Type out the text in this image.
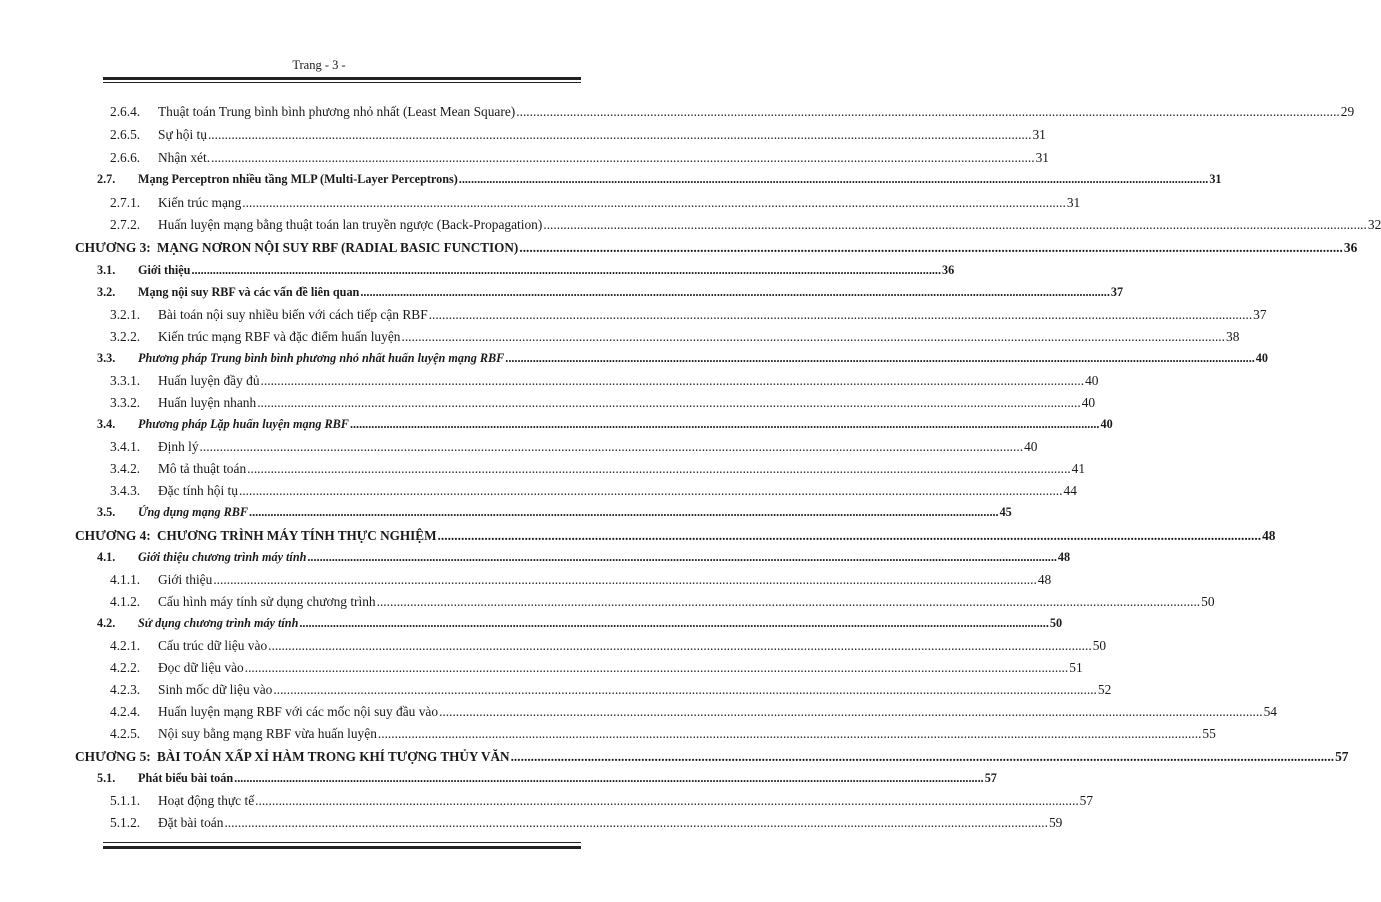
Trang - 3 -
2.6.4.	Thuật toán Trung bình bình phương nhỏ nhất (Least Mean Square) ...................................................................................................................................................................................................................................................... 29
2.6.5.	Sự hội tụ ...................................................................................................................................................................................................................................................... 31
2.6.6.	Nhận xét. ...................................................................................................................................................................................................................................................... 31
2.7.	Mạng Perceptron nhiều tầng MLP (Multi-Layer Perceptrons) ...................................................................................................................................................................................................................................................... 31
2.7.1.	Kiến trúc mạng ...................................................................................................................................................................................................................................................... 31
2.7.2.	Huấn luyện mạng bằng thuật toán lan truyền ngược (Back-Propagation) ...................................................................................................................................................................................................................................................... 32
CHƯƠNG 3: MẠNG NƠRON NỘI SUY RBF (RADIAL BASIC FUNCTION) ...................................................................................................................................................................................................................................................... 36
3.1.	Giới thiệu ...................................................................................................................................................................................................................................................... 36
3.2.	Mạng nội suy RBF và các vấn đề liên quan ...................................................................................................................................................................................................................................................... 37
3.2.1.	Bài toán nội suy nhiều biến với cách tiếp cận RBF ...................................................................................................................................................................................................................................................... 37
3.2.2.	Kiến trúc mạng RBF và đặc điểm huấn luyện ...................................................................................................................................................................................................................................................... 38
3.3.	Phương pháp Trung bình bình phương nhỏ nhất huấn luyện mạng RBF ...................................................................................................................................................................................................................................................... 40
3.3.1.	Huấn luyện đầy đủ ...................................................................................................................................................................................................................................................... 40
3.3.2.	Huấn luyện nhanh ...................................................................................................................................................................................................................................................... 40
3.4.	Phương pháp Lặp huấn luyện mạng RBF ...................................................................................................................................................................................................................................................... 40
3.4.1.	Định lý ...................................................................................................................................................................................................................................................... 40
3.4.2.	Mô tả thuật toán ...................................................................................................................................................................................................................................................... 41
3.4.3.	Đặc tính hội tụ ...................................................................................................................................................................................................................................................... 44
3.5.	Ứng dụng mạng RBF ...................................................................................................................................................................................................................................................... 45
CHƯƠNG 4: CHƯƠNG TRÌNH MÁY TÍNH THỰC NGHIỆM ...................................................................................................................................................................................................................................................... 48
4.1.	Giới thiệu chương trình máy tính ...................................................................................................................................................................................................................................................... 48
4.1.1.	Giới thiệu ...................................................................................................................................................................................................................................................... 48
4.1.2.	Cấu hình máy tính sử dụng chương trình ...................................................................................................................................................................................................................................................... 50
4.2.	Sử dụng chương trình máy tính ...................................................................................................................................................................................................................................................... 50
4.2.1.	Cấu trúc dữ liệu vào ...................................................................................................................................................................................................................................................... 50
4.2.2.	Đọc dữ liệu vào ...................................................................................................................................................................................................................................................... 51
4.2.3.	Sinh mốc dữ liệu vào ...................................................................................................................................................................................................................................................... 52
4.2.4.	Huấn luyện mạng RBF với các mốc nội suy đầu vào ...................................................................................................................................................................................................................................................... 54
4.2.5.	Nội suy bằng mạng RBF vừa huấn luyện ...................................................................................................................................................................................................................................................... 55
CHƯƠNG 5: BÀI TOÁN XẤP XỈ HÀM TRONG KHÍ TƯỢNG THỦY VĂN ...................................................................................................................................................................................................................................................... 57
5.1.	Phát biểu bài toán ...................................................................................................................................................................................................................................................... 57
5.1.1.	Hoạt động thực tế ...................................................................................................................................................................................................................................................... 57
5.1.2.	Đặt bài toán ...................................................................................................................................................................................................................................................... 59
